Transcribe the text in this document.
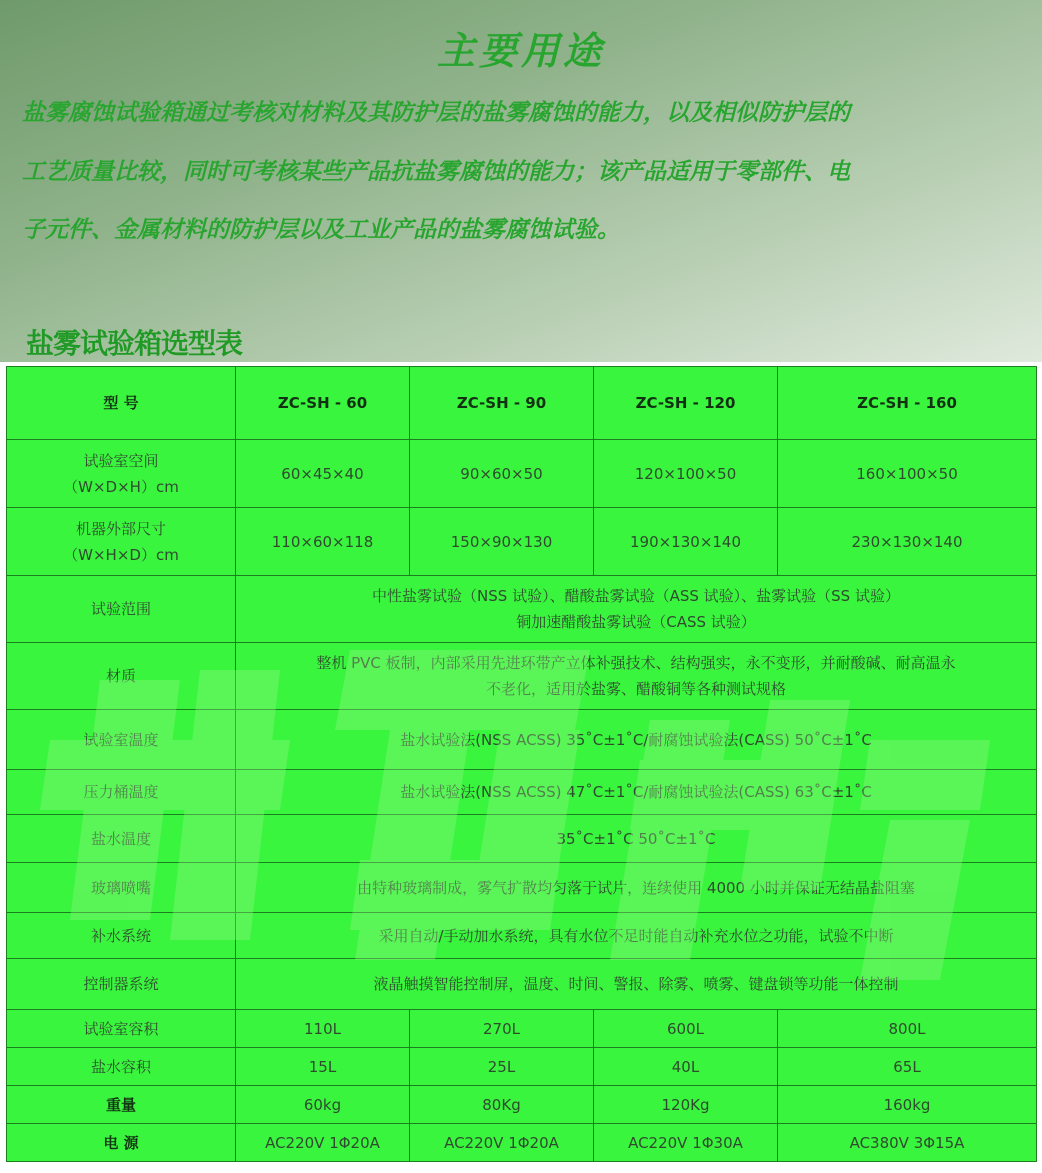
主要用途
盐雾腐蚀试验箱通过考核对材料及其防护层的盐雾腐蚀的能力，以及相似防护层的
工艺质量比较，同时可考核某些产品抗盐雾腐蚀的能力；该产品适用于零部件、电
子元件、金属材料的防护层以及工业产品的盐雾腐蚀试验。
盐雾试验箱选型表
型 号	ZC-SH - 60	ZC-SH - 90	ZC-SH - 120	ZC-SH - 160

试验室空间
（W×D×H）cm	60×45×40	90×60×50	120×100×50	160×100×50

机器外部尺寸
（W×H×D）cm	110×60×118	150×90×130	190×130×140	230×130×140
试验范围	中性盐雾试验（NSS 试验）、醋酸盐雾试验（ASS 试验）、盐雾试验（SS 试验）
铜加速醋酸盐雾试验（CASS 试验）			

材质	整机 PVC 板制，内部采用先进环带产立体补强技术、结构强实，永不变形，并耐酸碱、耐高温永
不老化，适用於盐雾、醋酸铜等各种测试规格			

试验室温度	盐水试验法(NSS ACSS) 35˚C±1˚C/耐腐蚀试验法(CASS) 50˚C±1˚C			
压力桶温度	盐水试验法(NSS ACSS) 47˚C±1˚C/耐腐蚀试验法(CASS) 63˚C±1˚C			
盐水温度	35˚C±1˚C 50˚C±1˚C			
玻璃喷嘴	由特种玻璃制成，雾气扩散均匀落于试片，连续使用 4000 小时并保证无结晶盐阻塞			
补水系统	采用自动/手动加水系统，具有水位不足时能自动补充水位之功能，试验不中断			
控制器系统	液晶触摸智能控制屏，温度、时间、警报、除雾、喷雾、键盘锁等功能一体控制			
试验室容积	110L	270L	600L	800L
盐水容积	15L	25L	40L	65L
重量	60kg	80Kg	120Kg	160kg
电 源	AC220V 1Φ20A	AC220V 1Φ20A	AC220V 1Φ30A	AC380V 3Φ15A
